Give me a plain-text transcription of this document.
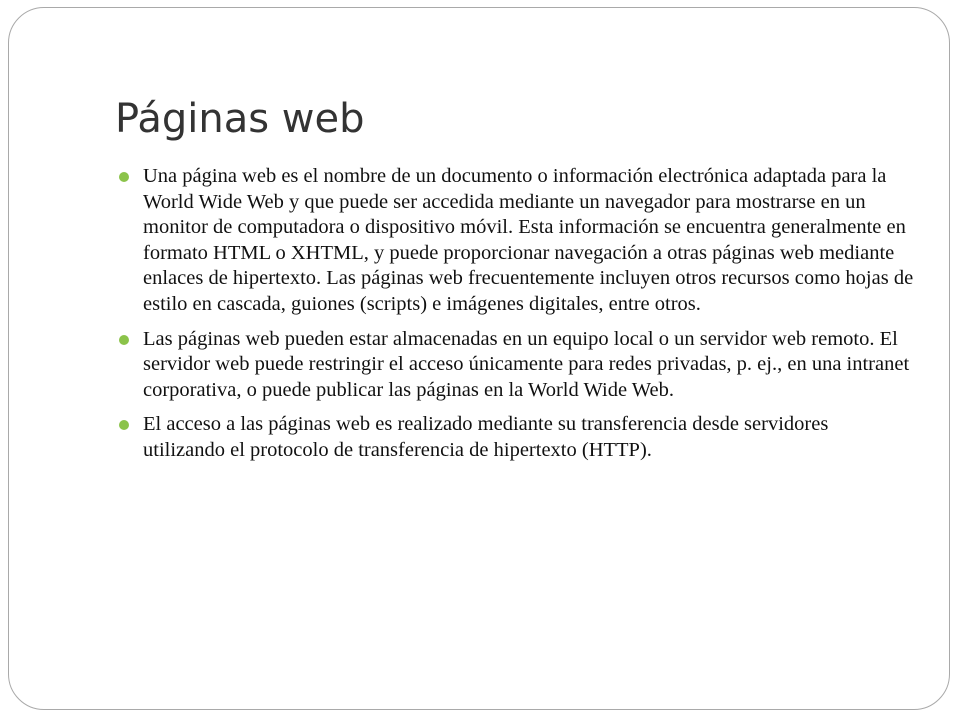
Páginas web
Una página web es el nombre de un documento o información electrónica adaptada para la World Wide Web y que puede ser accedida mediante un navegador para mostrarse en un monitor de computadora o dispositivo móvil. Esta información se encuentra generalmente en formato HTML o XHTML, y puede proporcionar navegación a otras páginas web mediante enlaces de hipertexto. Las páginas web frecuentemente incluyen otros recursos como hojas de estilo en cascada, guiones (scripts) e imágenes digitales, entre otros.
Las páginas web pueden estar almacenadas en un equipo local o un servidor web remoto. El servidor web puede restringir el acceso únicamente para redes privadas, p. ej., en una intranet corporativa, o puede publicar las páginas en la World Wide Web.
El acceso a las páginas web es realizado mediante su transferencia desde servidores utilizando el protocolo de transferencia de hipertexto (HTTP).
